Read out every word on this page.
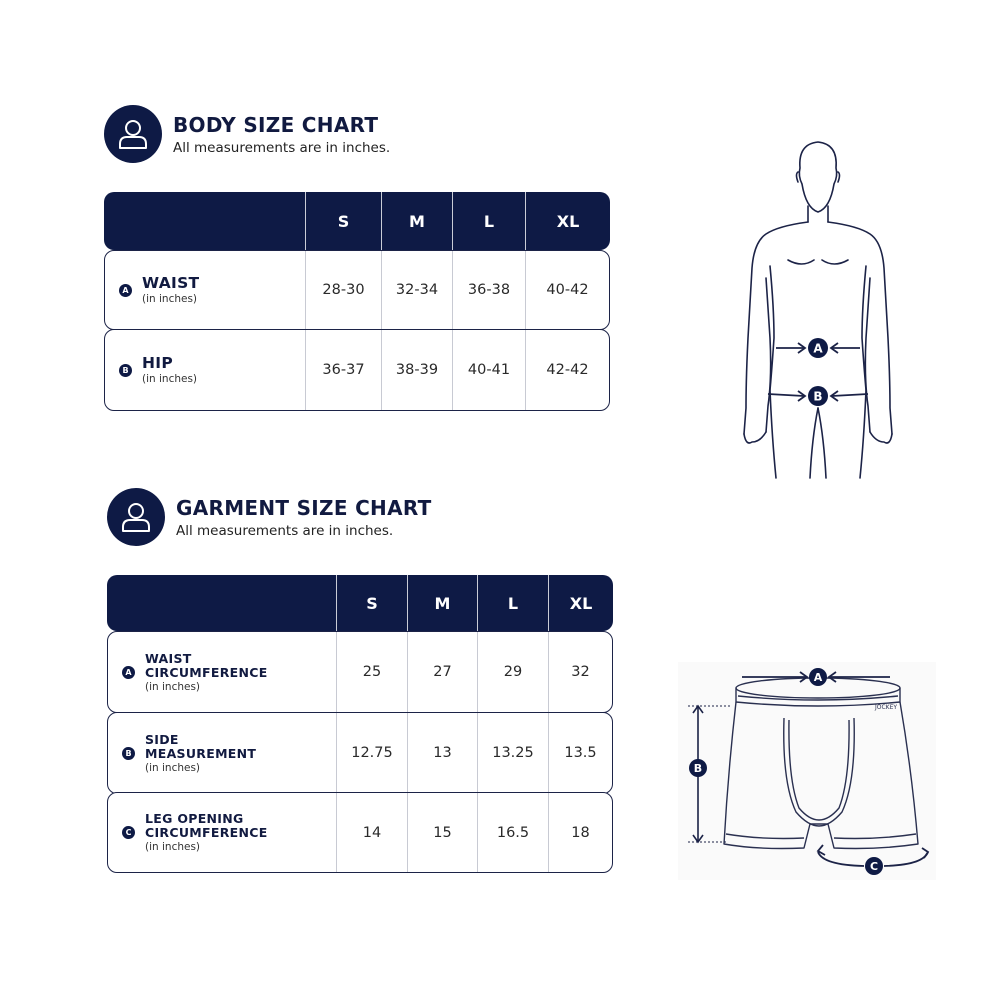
BODY SIZE CHART
All measurements are in inches.
S	M	L	XL
A WAIST
(in inches)
28-30	32-34	36-38	40-42
B HIP
(in inches)
36-37	38-39	40-41	42-42
A
B
GARMENT SIZE CHART
All measurements are in inches.
S	M	L	XL
A
WAIST
CIRCUMFERENCE
(in inches)
25	27	29	32
B
SIDE
MEASUREMENT
(in inches)
12.75	13	13.25	13.5
C
LEG OPENING
CIRCUMFERENCE
(in inches)
14	15	16.5	18
JOCKEY
A
B
C
